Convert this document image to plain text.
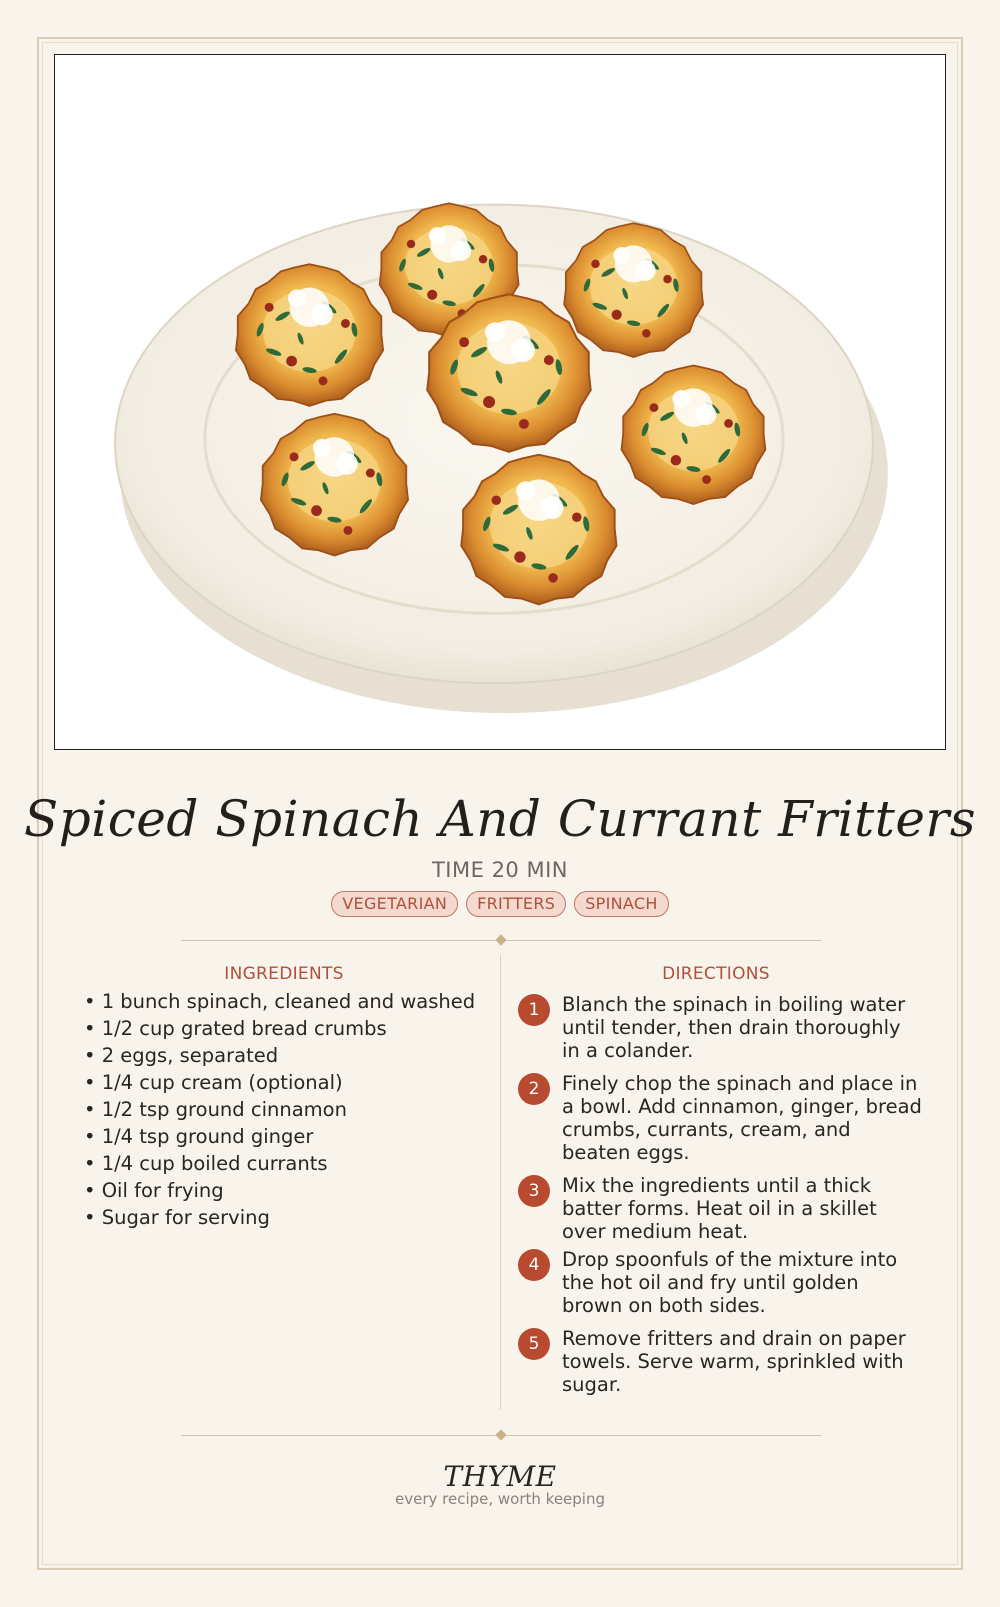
Spiced Spinach And Currant Fritters
TIME 20 MIN
VEGETARIAN	FRITTERS	SPINACH
INGREDIENTS
• 1 bunch spinach, cleaned and washed
• 1/2 cup grated bread crumbs
• 2 eggs, separated
• 1/4 cup cream (optional)
• 1/2 tsp ground cinnamon
• 1/4 tsp ground ginger
• 1/4 cup boiled currants
• Oil for frying
• Sugar for serving
DIRECTIONS
1	Blanch the spinach in boiling water until tender, then drain thoroughly in a colander.
2	Finely chop the spinach and place in a bowl. Add cinnamon, ginger, bread crumbs, currants, cream, and beaten eggs.
3	Mix the ingredients until a thick batter forms. Heat oil in a skillet over medium heat.
4	Drop spoonfuls of the mixture into the hot oil and fry until golden brown on both sides.
5	Remove fritters and drain on paper towels. Serve warm, sprinkled with sugar.
THYME
every recipe, worth keeping
